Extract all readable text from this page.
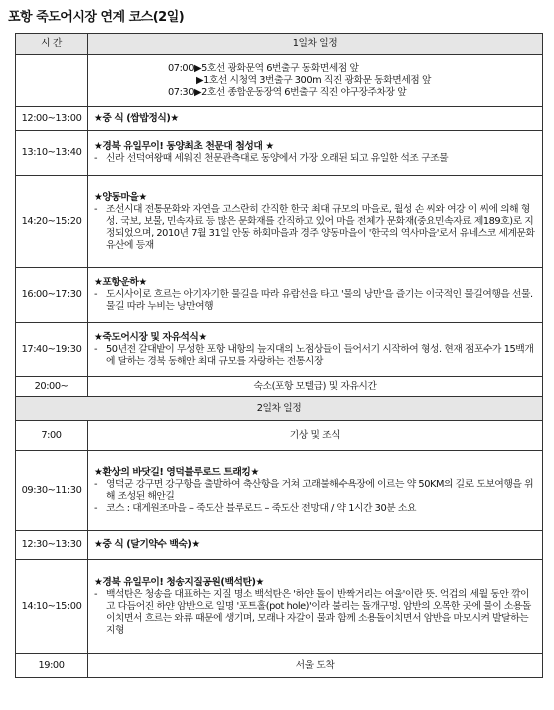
포항 죽도어시장 연계 코스(2일)
시 간	1일차 일정

	07:00▶5호선 광화문역 6번출구 동화면세점 앞
▶1호선 시청역 3번출구 300m 직진 광화문 동화면세점 앞
07:30▶2호선 종합운동장역 6번출구 직진 야구장주차장 앞

12:00~13:00	★중 식 (쌈밥정식)★

13:10~13:40	★경북 유일무이! 동양최초 천문대 첨성대 ★
- 신라 선덕여왕때 세워진 천문관측대로 동양에서 가장 오래된 되고 유일한 석조 구조물

14:20~15:20	★양동마을★
- 조선시대 전통문화와 자연을 고스란히 간직한 한국 최대 규모의 마을로, 월성 손 씨와 여강 이 씨에 의해 형성. 국보, 보물, 민속자료 등 많은 문화재를 간직하고 있어 마을 전체가 문화재(중요민속자료 제189호)로 지정되었으며, 2010년 7월 31일 안동 하회마을과 경주 양동마을이 '한국의 역사마을'로서 유네스코 세계문화유산에 등재

16:00~17:30	★포항운하★
- 도시사이로 흐르는 아기자기한 물길을 따라 유람선을 타고 '물의 낭만'을 즐기는 이국적인 물길여행을 선물. 물길 따라 누비는 낭만여행

17:40~19:30	★죽도어시장 및 자유석식★
- 50년전 갈대밭이 무성한 포항 내항의 늪지대의 노점상들이 들어서기 시작하여 형성. 현재 점포수가 15백개에 달하는 경북 동해안 최대 규모를 자랑하는 전통시장

20:00~	숙소(포항 모텔급) 및 자유시간
2일차 일정	
7:00	기상 및 조식
09:30~11:30	★환상의 바닷길! 영덕블루로드 트래킹★
- 영덕군 강구면 강구항을 출발하여 축산항을 거쳐 고래불해수욕장에 이르는 약 50KM의 길로 도보여행을 위해 조성된 해안길
- 코스 : 대게원조마을 – 죽도산 블루로드 – 죽도산 전망대 / 약 1시간 30분 소요

12:30~13:30	★중 식 (달기약수 백숙)★

14:10~15:00	★경북 유일무이! 청송지질공원(백석탄)★
- 백석탄은 청송을 대표하는 지질 명소 백석탄은 '하얀 돌이 반짝거리는 여울'이란 뜻. 억겁의 세월 동안 깎이고 다듬어진 하얀 암반으로 일명 '포트홀(pot hole)'이라 불리는 돌개구멍. 암반의 오목한 곳에 물이 소용돌이치면서 흐르는 와류 때문에 생기며, 모래나 자갈이 물과 함께 소용돌이치면서 암반을 마모시켜 발달하는 지형

19:00	서울 도착
